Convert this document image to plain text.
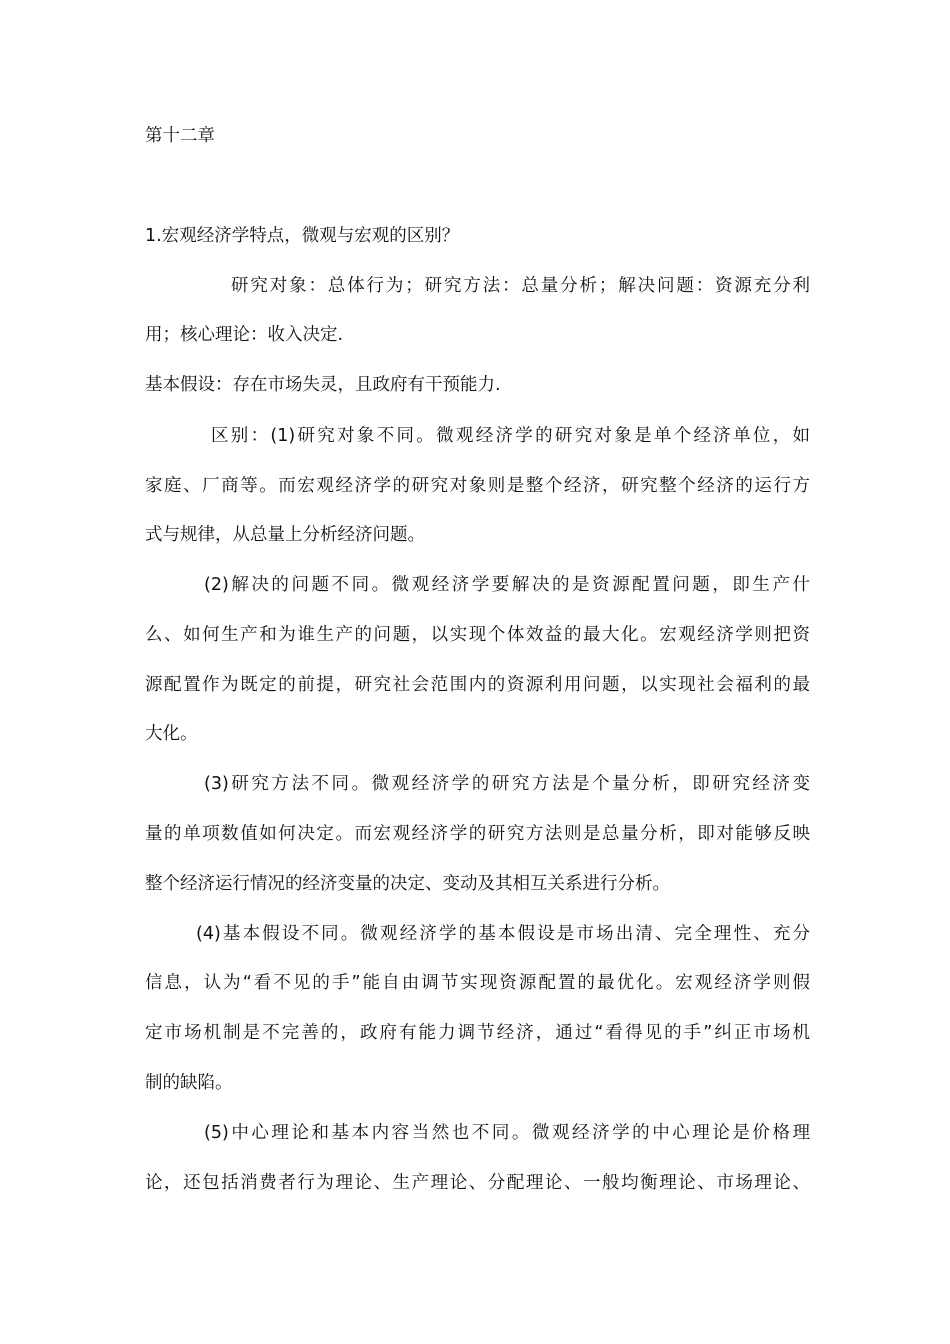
第十二章
1.宏观经济学特点，微观与宏观的区别？
研究对象：总体行为；研究方法：总量分析；解决问题：资源充分利
用；核心理论：收入决定.
基本假设：存在市场失灵，且政府有干预能力.
区别：(1)研究对象不同。微观经济学的研究对象是单个经济单位，如
家庭、厂商等。而宏观经济学的研究对象则是整个经济，研究整个经济的运行方
式与规律，从总量上分析经济问题。
(2)解决的问题不同。微观经济学要解决的是资源配置问题，即生产什
么、如何生产和为谁生产的问题，以实现个体效益的最大化。宏观经济学则把资
源配置作为既定的前提，研究社会范围内的资源利用问题，以实现社会福利的最
大化。
(3)研究方法不同。微观经济学的研究方法是个量分析，即研究经济变
量的单项数值如何决定。而宏观经济学的研究方法则是总量分析，即对能够反映
整个经济运行情况的经济变量的决定、变动及其相互关系进行分析。
(4)基本假设不同。微观经济学的基本假设是市场出清、完全理性、充分
信息，认为“看不见的手”能自由调节实现资源配置的最优化。宏观经济学则假
定市场机制是不完善的，政府有能力调节经济，通过“看得见的手”纠正市场机
制的缺陷。
(5)中心理论和基本内容当然也不同。微观经济学的中心理论是价格理
论，还包括消费者行为理论、生产理论、分配理论、一般均衡理论、市场理论、
